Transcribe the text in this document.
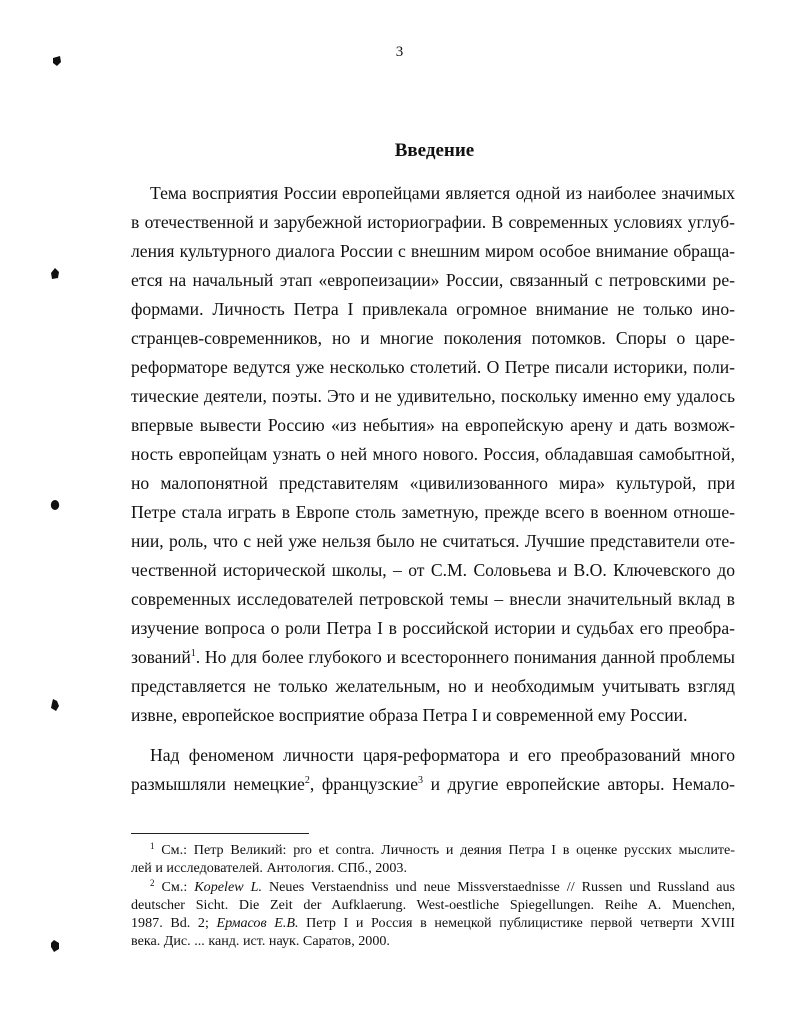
3
Введение
Тема восприятия России европейцами является одной из наиболее значимых
в отечественной и зарубежной историографии. В современных условиях углуб-
ления культурного диалога России с внешним миром особое внимание обраща-
ется на начальный этап «европеизации» России, связанный с петровскими ре-
формами. Личность Петра I привлекала огромное внимание не только ино-
странцев-современников, но и многие поколения потомков. Споры о царе-
реформаторе ведутся уже несколько столетий. О Петре писали историки, поли-
тические деятели, поэты. Это и не удивительно, поскольку именно ему удалось
впервые вывести Россию «из небытия» на европейскую арену и дать возмож-
ность европейцам узнать о ней много нового. Россия, обладавшая самобытной,
но малопонятной представителям «цивилизованного мира» культурой, при
Петре стала играть в Европе столь заметную, прежде всего в военном отноше-
нии, роль, что с ней уже нельзя было не считаться. Лучшие представители оте-
чественной исторической школы, – от С.М. Соловьева и В.О. Ключевского до
современных исследователей петровской темы – внесли значительный вклад в
изучение вопроса о роли Петра I в российской истории и судьбах его преобра-
зований$^1$. Но для более глубокого и всестороннего понимания данной проблемы
представляется не только желательным, но и необходимым учитывать взгляд
извне, европейское восприятие образа Петра I и современной ему России.
Над феноменом личности царя-реформатора и его преобразований много
размышляли немецкие$^2$, французские$^3$ и другие европейские авторы. Немало-
$^1$ См.: Петр Великий: pro et contra. Личность и деяния Петра I в оценке русских мыслите-
лей и исследователей. Антология. СПб., 2003.
$^2$ См.: Kopelew L. Neues Verstaendniss und neue Missverstaednisse // Russen und Russland aus
deutscher Sicht. Die Zeit der Aufklaerung. West-oestliche Spiegellungen. Reihe A. Muenchen,
1987. Bd. 2; Ермасов Е.В. Петр I и Россия в немецкой публицистике первой четверти XVIII
века. Дис. ... канд. ист. наук. Саратов, 2000.
